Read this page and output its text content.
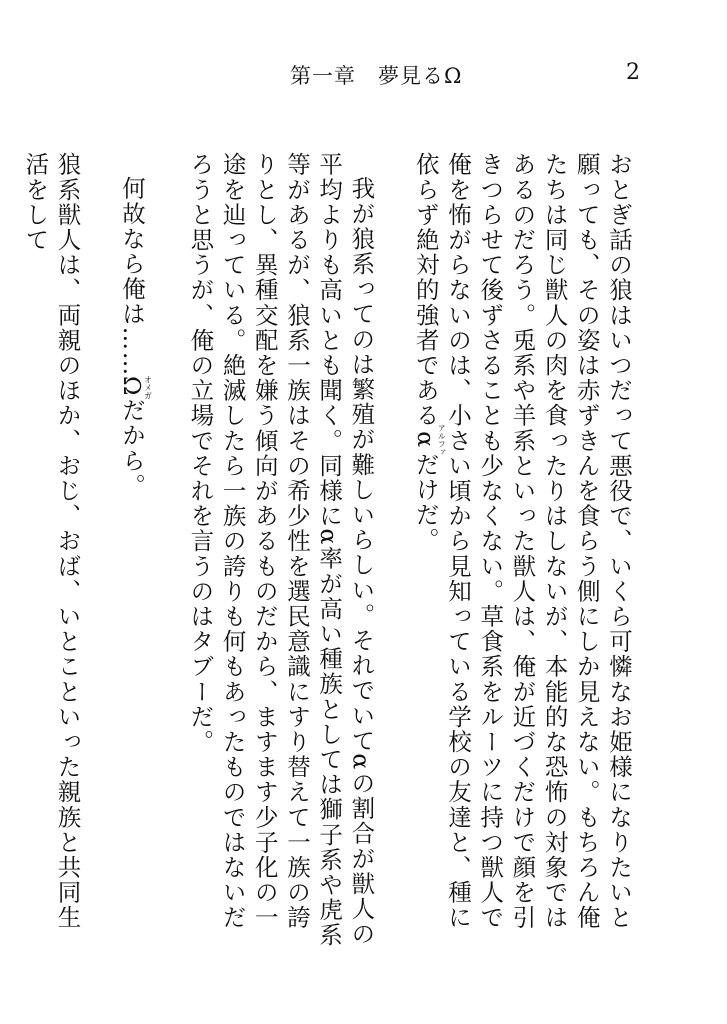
第一章　夢見るΩ	2

おとぎ話の狼はいつだって悪役で、いくら可憐なお姫様になりたいと願っても、その姿は赤ずきんを食らう側にしか見えない。もちろん俺たちは同じ獣人の肉を食ったりはしないが、本能的な恐怖の対象ではあるのだろう。兎系や羊系といった獣人は、俺が近づくだけで顔を引きつらせて後ずさることも少なくない。草食系をルーツに持つ獣人で俺を怖がらないのは、小さい頃から見知っている学校の友達と、種に依らず絶対的強者であるαアルファだけだ。

我が狼系ってのは繁殖が難しいらしい。それでいてαの割合が獣人の平均よりも高いとも聞く。同様にα率が高い種族としては獅子系や虎系等があるが、狼系一族はその希少性を選民意識にすり替えて一族の誇りとし、異種交配を嫌う傾向があるものだから、ますます少子化の一途を辿っている。絶滅したら一族の誇りも何もあったものではないだろうと思うが、俺の立場でそれを言うのはタブーだ。

何故なら俺は……Ωオメガだから。

狼系獣人は、両親のほか、おじ、おば、いとこといった親族と共同生活をして
